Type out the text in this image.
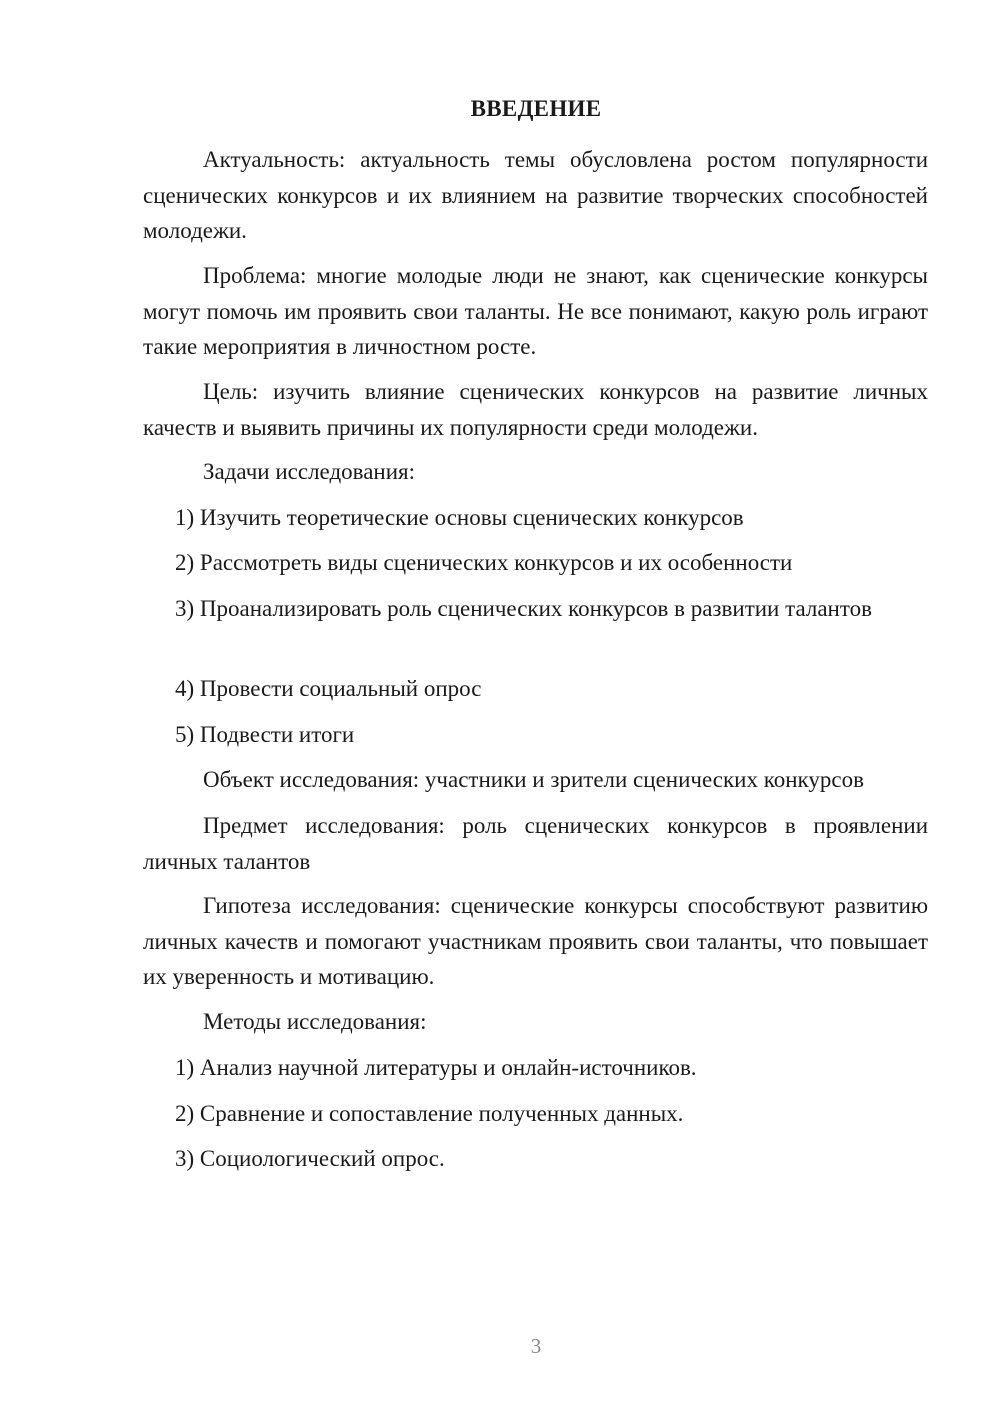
ВВЕДЕНИЕ

Актуальность: актуальность темы обусловлена ростом популярности сценических конкурсов и их влиянием на развитие творческих способностей молодежи.

Проблема: многие молодые люди не знают, как сценические конкурсы могут помочь им проявить свои таланты. Не все понимают, какую роль играют такие мероприятия в личностном росте.

Цель: изучить влияние сценических конкурсов на развитие личных качеств и выявить причины их популярности среди молодежи.

Задачи исследования:

1) Изучить теоретические основы сценических конкурсов

2) Рассмотреть виды сценических конкурсов и их особенности

3) Проанализировать роль сценических конкурсов в развитии талантов

4) Провести социальный опрос

5) Подвести итоги

Объект исследования: участники и зрители сценических конкурсов

Предмет исследования: роль сценических конкурсов в проявлении личных талантов

Гипотеза исследования: сценические конкурсы способствуют развитию личных качеств и помогают участникам проявить свои таланты, что повышает их уверенность и мотивацию.

Методы исследования:

1) Анализ научной литературы и онлайн-источников.

2) Сравнение и сопоставление полученных данных.

3) Социологический опрос.

3
